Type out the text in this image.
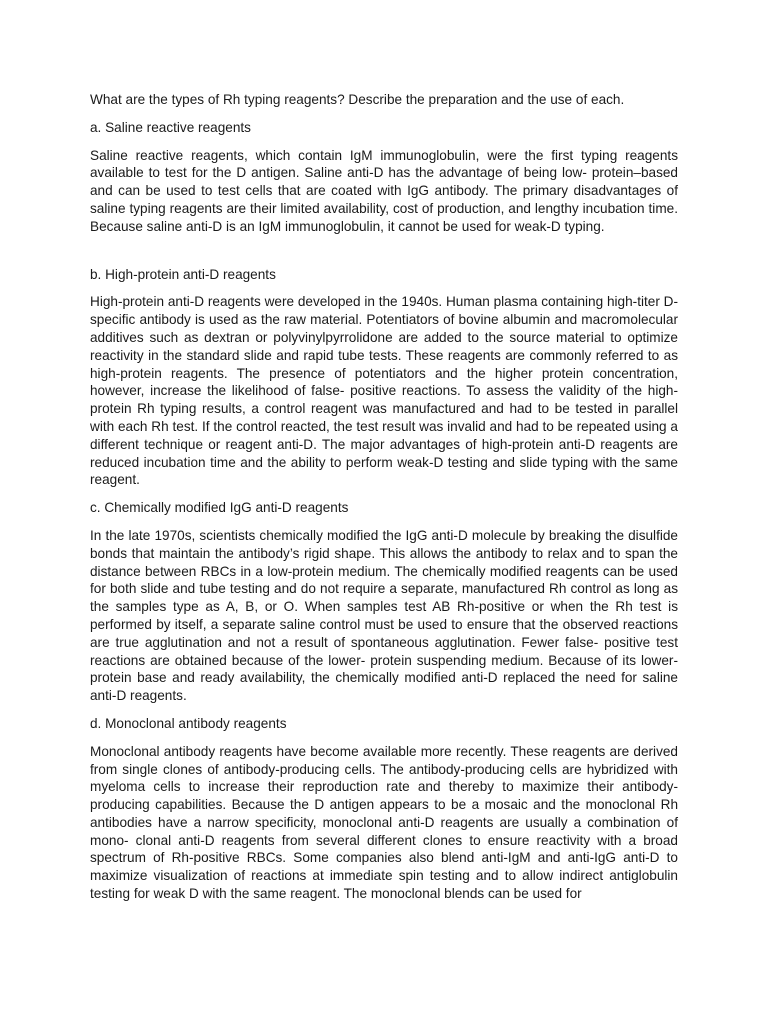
What are the types of Rh typing reagents? Describe the preparation and the use of each.

a. Saline reactive reagents

Saline reactive reagents, which contain IgM immunoglobulin, were the first typing reagents available to test for the D antigen. Saline anti-D has the advantage of being low- protein–based and can be used to test cells that are coated with IgG antibody. The primary disadvantages of saline typing reagents are their limited availability, cost of production, and lengthy incubation time. Because saline anti-D is an IgM immunoglobulin, it cannot be used for weak-D typing.

b. High-protein anti-D reagents

High-protein anti-D reagents were developed in the 1940s. Human plasma containing high-titer D-specific antibody is used as the raw material. Potentiators of bovine albumin and macromolecular additives such as dextran or polyvinylpyrrolidone are added to the source material to optimize reactivity in the standard slide and rapid tube tests. These reagents are commonly referred to as high-protein reagents. The presence of potentiators and the higher protein concentration, however, increase the likelihood of false- positive reactions. To assess the validity of the high-protein Rh typing results, a control reagent was manufactured and had to be tested in parallel with each Rh test. If the control reacted, the test result was invalid and had to be repeated using a different technique or reagent anti-D. The major advantages of high-protein anti-D reagents are reduced incubation time and the ability to perform weak-D testing and slide typing with the same reagent.

c. Chemically modified IgG anti-D reagents

In the late 1970s, scientists chemically modified the IgG anti-D molecule by breaking the disulfide bonds that maintain the antibody’s rigid shape. This allows the antibody to relax and to span the distance between RBCs in a low-protein medium. The chemically modified reagents can be used for both slide and tube testing and do not require a separate, manufactured Rh control as long as the samples type as A, B, or O. When samples test AB Rh-positive or when the Rh test is performed by itself, a separate saline control must be used to ensure that the observed reactions are true agglutination and not a result of spontaneous agglutination. Fewer false- positive test reactions are obtained because of the lower- protein suspending medium. Because of its lower-protein base and ready availability, the chemically modified anti-D replaced the need for saline anti-D reagents.

d. Monoclonal antibody reagents

Monoclonal antibody reagents have become available more recently. These reagents are derived from single clones of antibody-producing cells. The antibody-producing cells are hybridized with myeloma cells to increase their reproduction rate and thereby to maximize their antibody-producing capabilities. Because the D antigen appears to be a mosaic and the monoclonal Rh antibodies have a narrow specificity, monoclonal anti-D reagents are usually a combination of mono- clonal anti-D reagents from several different clones to ensure reactivity with a broad spectrum of Rh-positive RBCs. Some companies also blend anti-IgM and anti-IgG anti-D to maximize visualization of reactions at immediate spin testing and to allow indirect antiglobulin testing for weak D with the same reagent. The monoclonal blends can be used for
